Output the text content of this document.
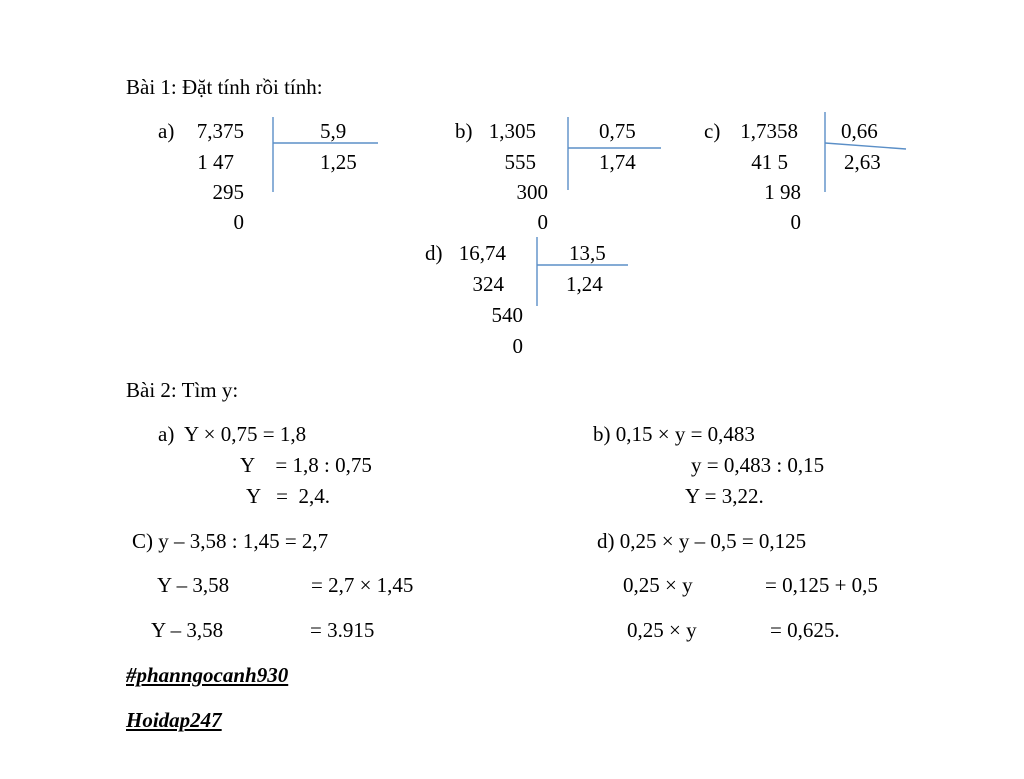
Bài 1: Đặt tính rồi tính:
a)	7,375
1 47
295
0
5,9
1,25
b) 1,305
555
300
0
0,75
1,74
c) 1,7358
41 5
1 98
0
0,66
2,63
d) 16,74
324
540
0
13,5
1,24
Bài 2: Tìm y:
a)  Y × 0,75 = 1,8
Y    = 1,8 : 0,75
Y   =  2,4.
b) 0,15 × y = 0,483
y = 0,483 : 0,15
Y = 3,22.
C) y – 3,58 : 1,45 = 2,7
Y – 3,58	= 2,7 × 1,45
Y – 3,58	= 3.915
d) 0,25 × y – 0,5 = 0,125
0,25 × y	= 0,125 + 0,5
0,25 × y	= 0,625.
#phanngocanh930
Hoidap247
